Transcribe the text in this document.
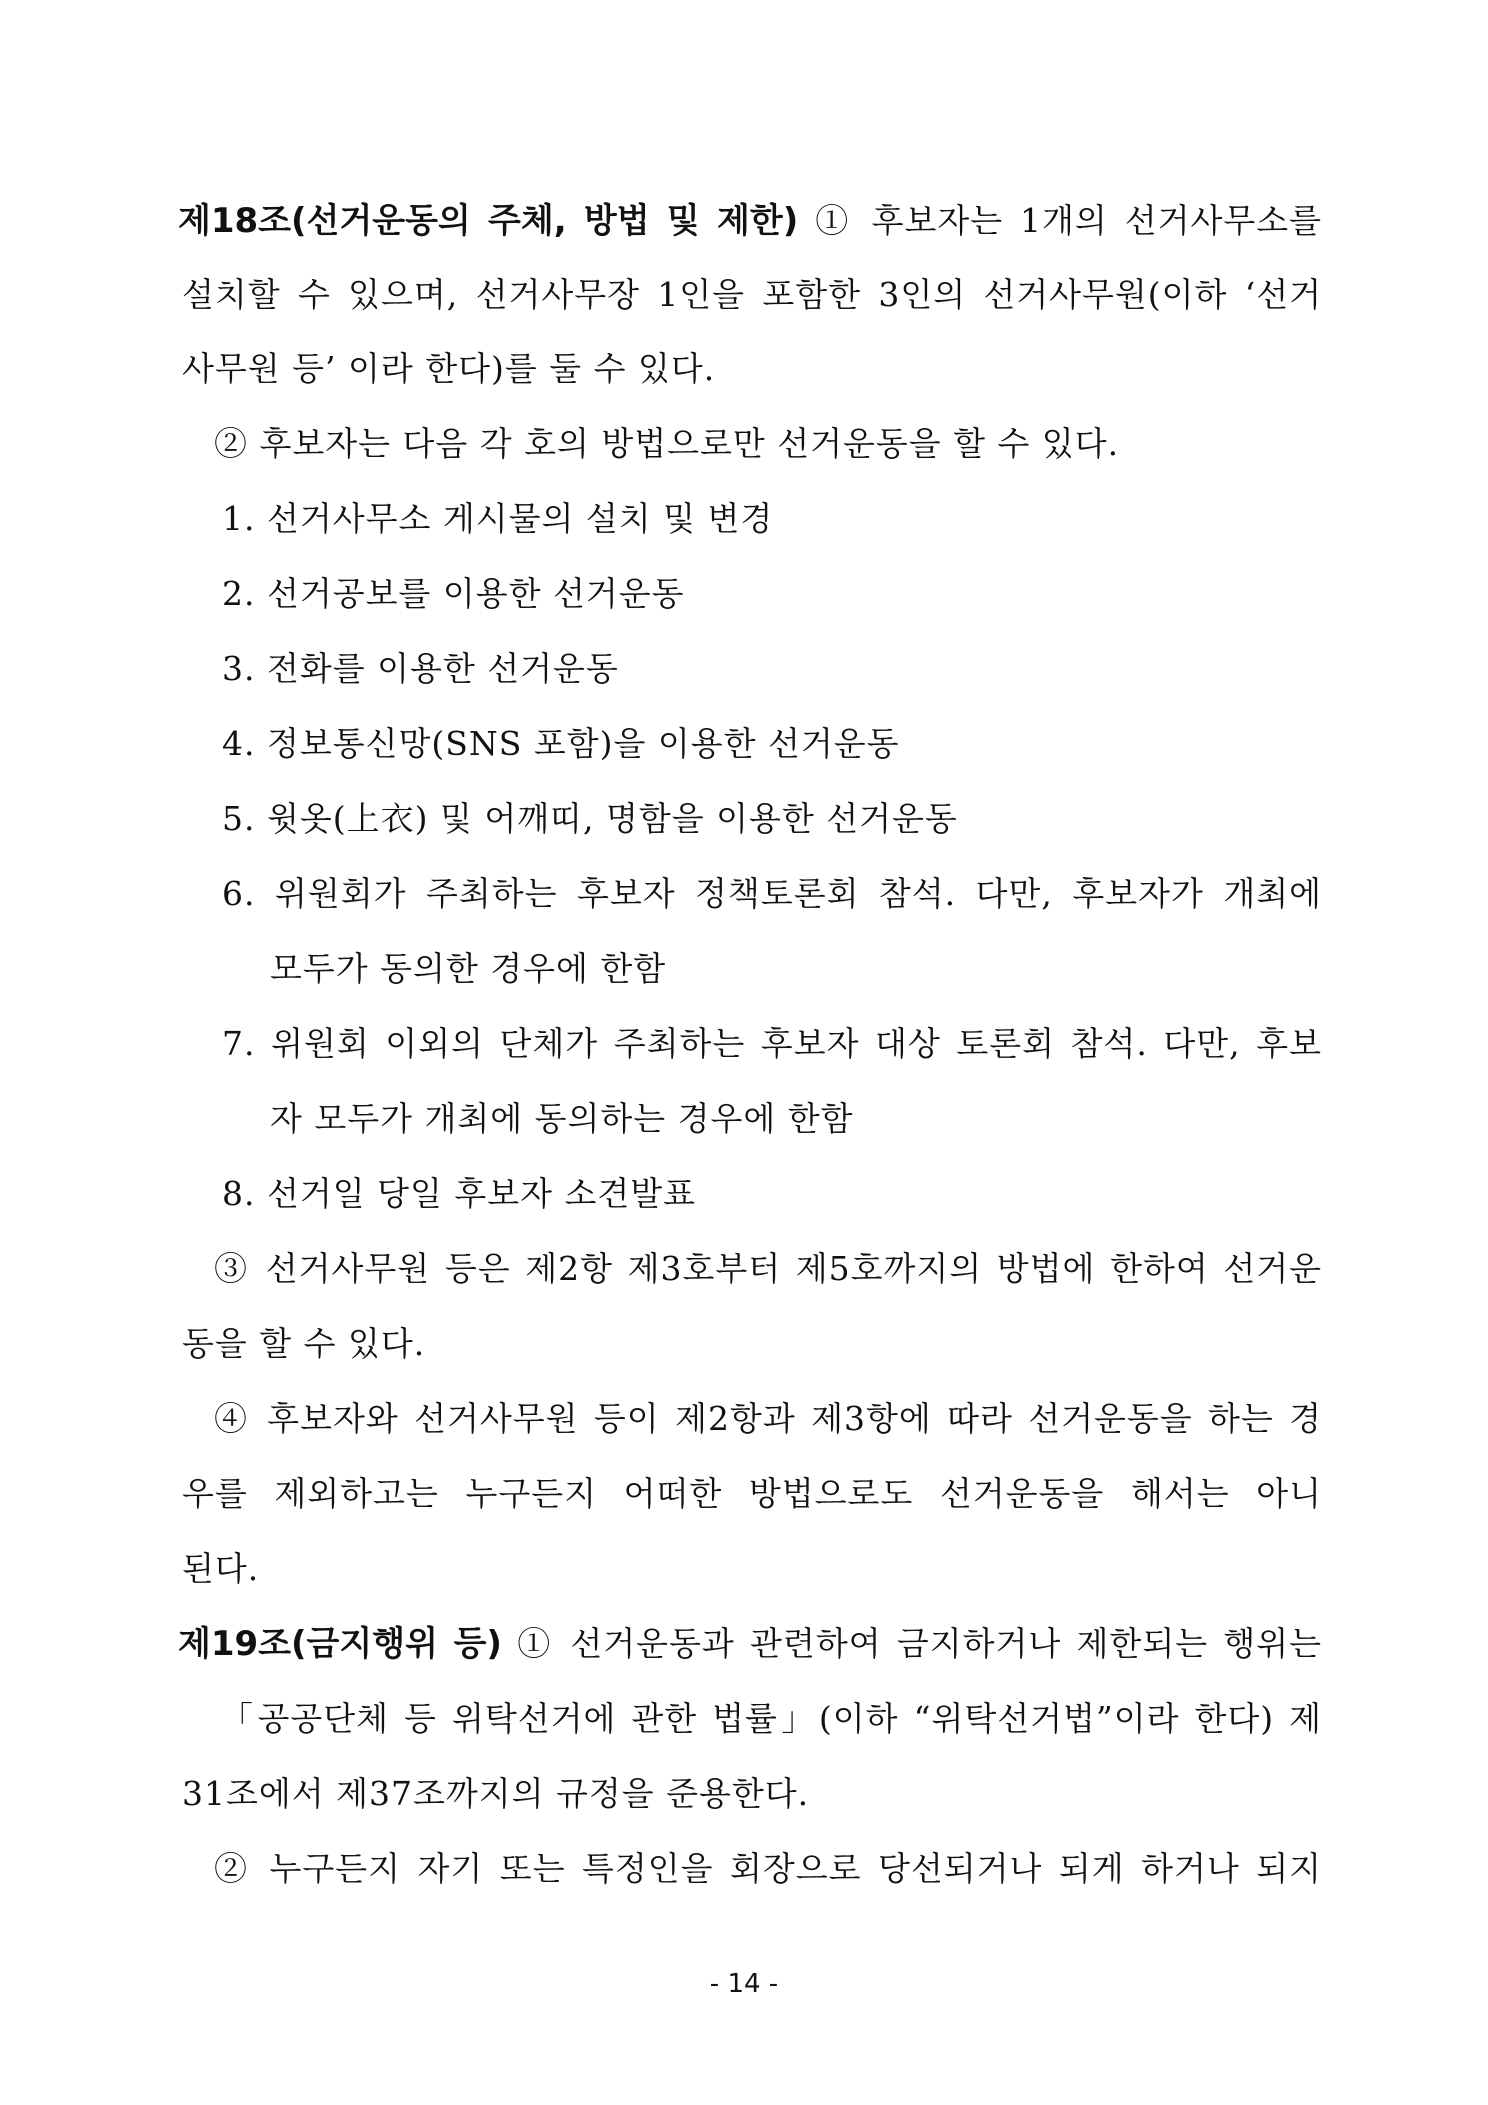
제18조(선거운동의 주체, 방법 및 제한) ① 후보자는 1개의 선거사무소를
설치할 수 있으며, 선거사무장 1인을 포함한 3인의 선거사무원(이하 ‘선거
사무원 등’ 이라 한다)를 둘 수 있다.
② 후보자는 다음 각 호의 방법으로만 선거운동을 할 수 있다.
1. 선거사무소 게시물의 설치 및 변경
2. 선거공보를 이용한 선거운동
3. 전화를 이용한 선거운동
4. 정보통신망(SNS 포함)을 이용한 선거운동
5. 윗옷(上衣) 및 어깨띠, 명함을 이용한 선거운동
6. 위원회가 주최하는 후보자 정책토론회 참석. 다만, 후보자가 개최에
모두가 동의한 경우에 한함
7. 위원회 이외의 단체가 주최하는 후보자 대상 토론회 참석. 다만, 후보
자 모두가 개최에 동의하는 경우에 한함
8. 선거일 당일 후보자 소견발표
③ 선거사무원 등은 제2항 제3호부터 제5호까지의 방법에 한하여 선거운
동을 할 수 있다.
④ 후보자와 선거사무원 등이 제2항과 제3항에 따라 선거운동을 하는 경
우를 제외하고는 누구든지 어떠한 방법으로도 선거운동을 해서는 아니
된다.
제19조(금지행위 등) ① 선거운동과 관련하여 금지하거나 제한되는 행위는
「공공단체 등 위탁선거에 관한 법률」(이하 “위탁선거법”이라 한다) 제
31조에서 제37조까지의 규정을 준용한다.
② 누구든지 자기 또는 특정인을 회장으로 당선되거나 되게 하거나 되지
- 14 -
